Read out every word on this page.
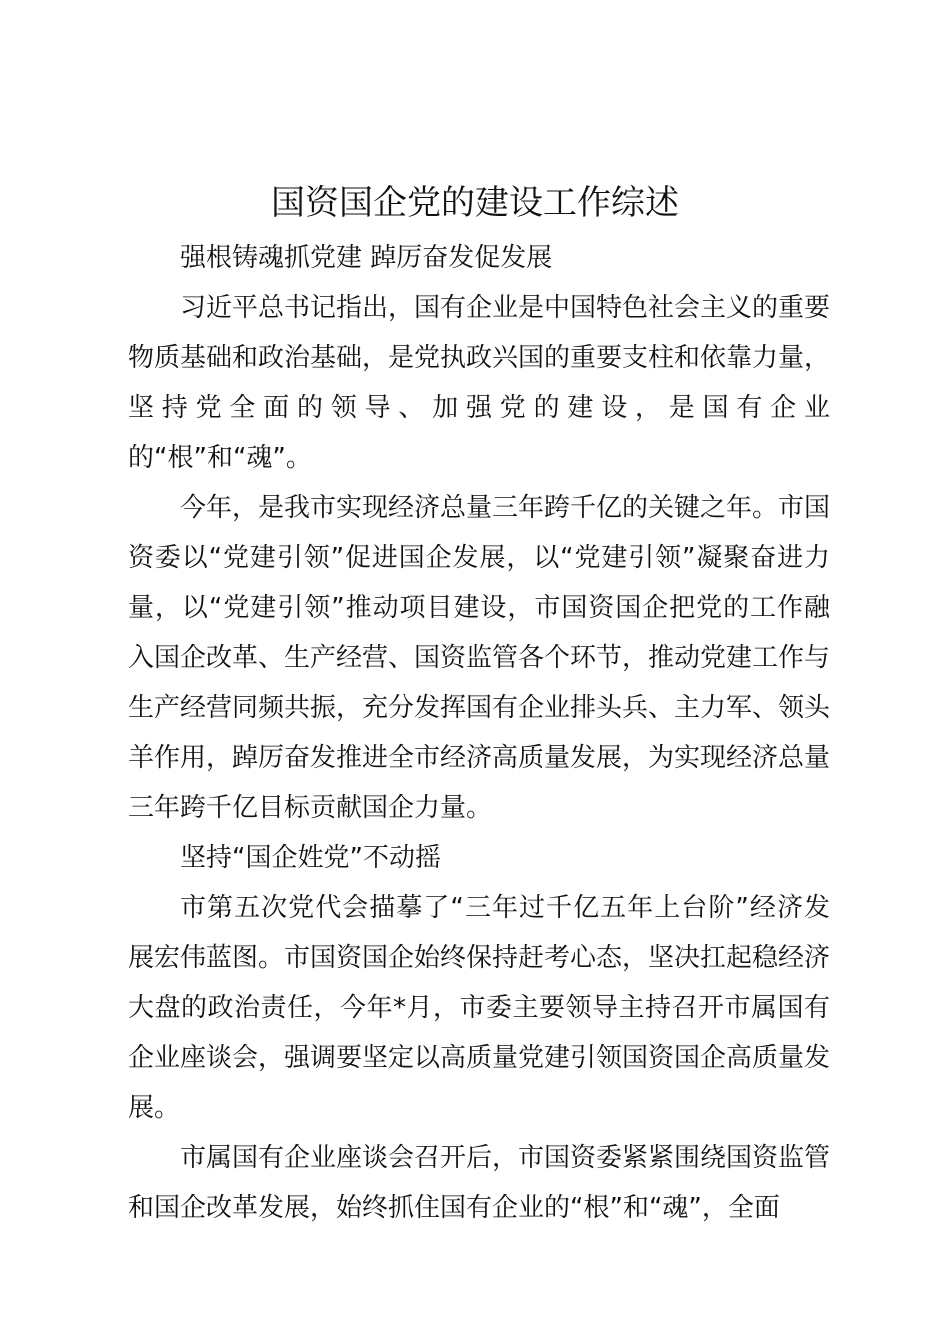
国资国企党的建设工作综述

强根铸魂抓党建 踔厉奋发促发展

习近平总书记指出，国有企业是中国特色社会主义的重要物质基础和政治基础，是党执政兴国的重要支柱和依靠力量，坚持党全面的领导、加强党的建设，是国有企业的“根”和“魂”。

今年，是我市实现经济总量三年跨千亿的关键之年。市国资委以“党建引领”促进国企发展，以“党建引领”凝聚奋进力量，以“党建引领”推动项目建设，市国资国企把党的工作融入国企改革、生产经营、国资监管各个环节，推动党建工作与生产经营同频共振，充分发挥国有企业排头兵、主力军、领头羊作用，踔厉奋发推进全市经济高质量发展，为实现经济总量三年跨千亿目标贡献国企力量。

坚持“国企姓党”不动摇

市第五次党代会描摹了“三年过千亿五年上台阶”经济发展宏伟蓝图。市国资国企始终保持赶考心态，坚决扛起稳经济大盘的政治责任，今年*月，市委主要领导主持召开市属国有企业座谈会，强调要坚定以高质量党建引领国资国企高质量发展。

市属国有企业座谈会召开后，市国资委紧紧围绕国资监管和国企改革发展，始终抓住国有企业的“根”和“魂”，全面
